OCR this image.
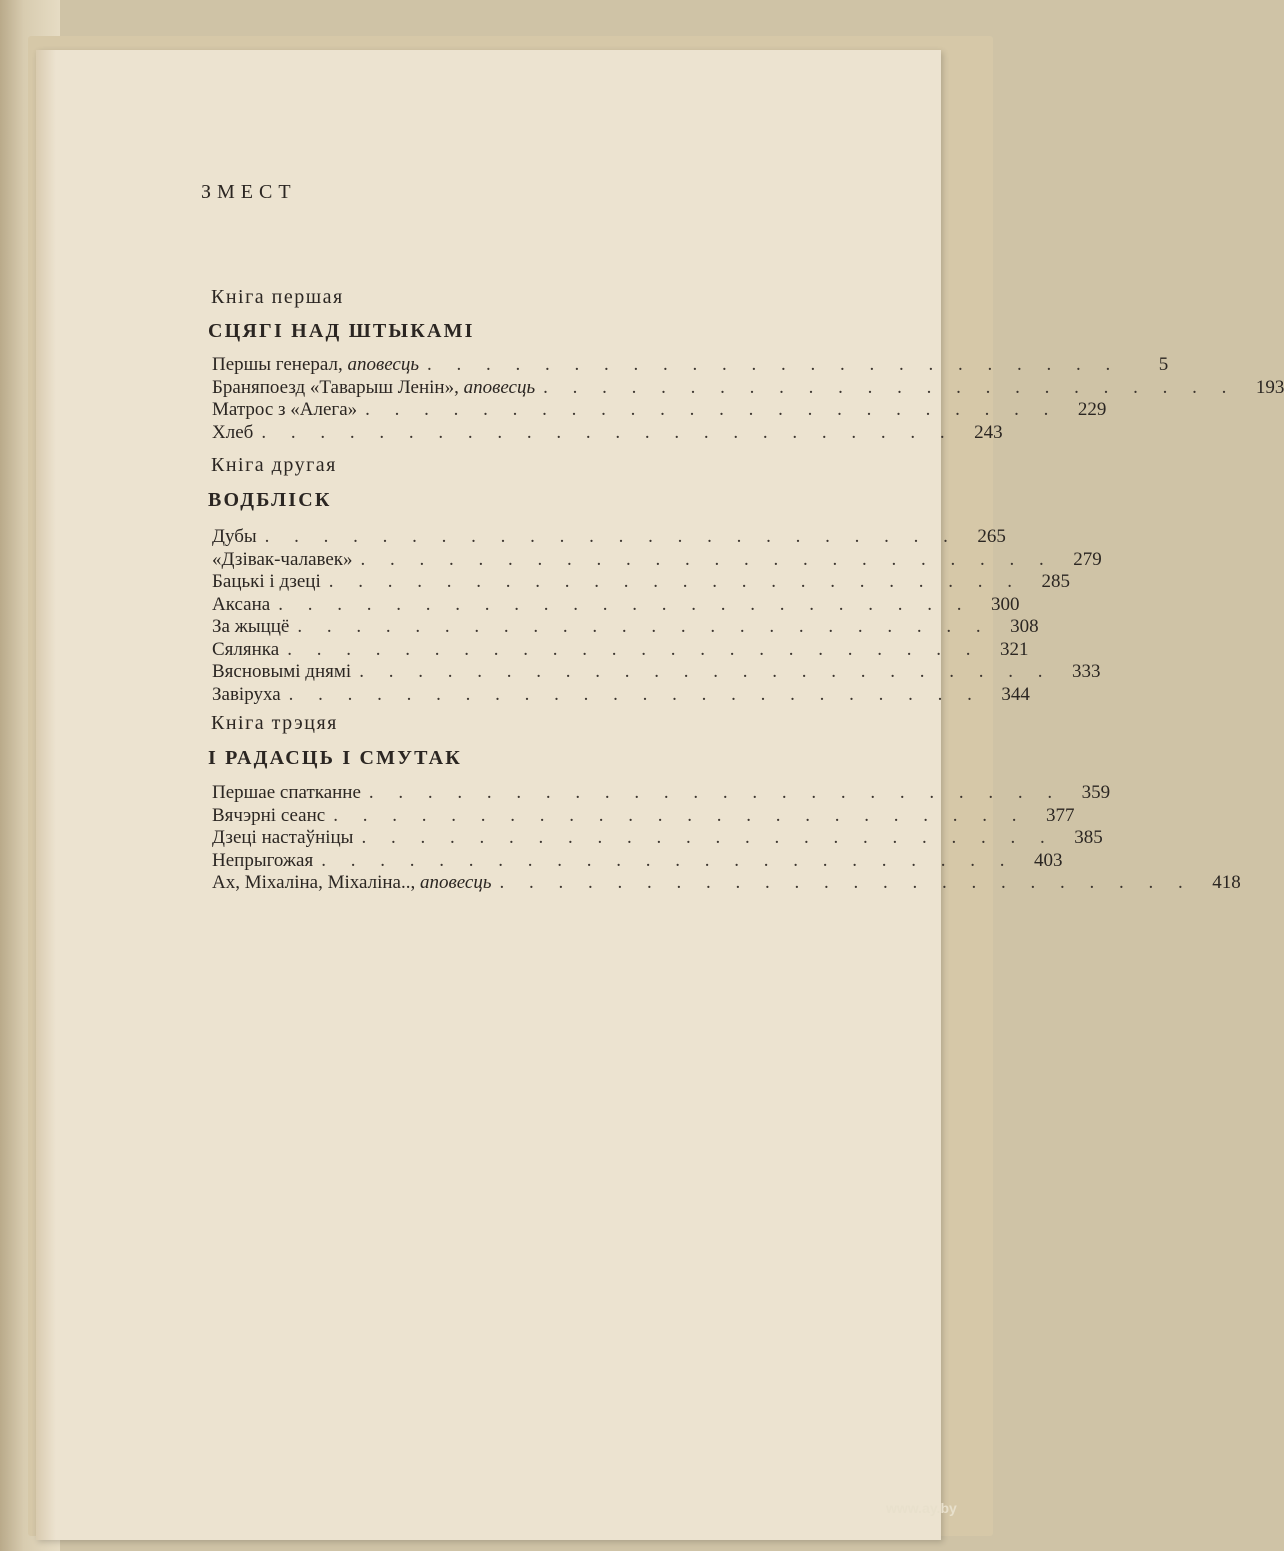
ЗМЕСТ
Кніга першая
СЦЯГІ НАД ШТЫКАМІ
Першы генерал, аповесць . . . . . . . . . . . . . . . . . . . . . . . .	5
Браняпоезд «Таварыш Ленін», аповесць . . . . . . . . . . . . . . . . . . . . . . . .	193
Матрос з «Алега» . . . . . . . . . . . . . . . . . . . . . . . .	229
Хлеб . . . . . . . . . . . . . . . . . . . . . . . .	243
Кніга другая
ВОДБЛІСК
Дубы . . . . . . . . . . . . . . . . . . . . . . . .	265
«Дзівак-чалавек» . . . . . . . . . . . . . . . . . . . . . . . .	279
Бацькі і дзеці . . . . . . . . . . . . . . . . . . . . . . . .	285
Аксана . . . . . . . . . . . . . . . . . . . . . . . .	300
За жыццё . . . . . . . . . . . . . . . . . . . . . . . .	308
Сялянка . . . . . . . . . . . . . . . . . . . . . . . .	321
Вясновымі днямі . . . . . . . . . . . . . . . . . . . . . . . .	333
Завіруха . . . . . . . . . . . . . . . . . . . . . . . .	344
Кніга трэцяя
І РАДАСЦЬ І СМУТАК
Першае спатканне . . . . . . . . . . . . . . . . . . . . . . . .	359
Вячэрні сеанс . . . . . . . . . . . . . . . . . . . . . . . .	377
Дзеці настаўніцы . . . . . . . . . . . . . . . . . . . . . . . .	385
Непрыгожая . . . . . . . . . . . . . . . . . . . . . . . .	403
Ах, Міхаліна, Міхаліна.., аповесць . . . . . . . . . . . . . . . . . . . . . . . .	418
www.ay.by
